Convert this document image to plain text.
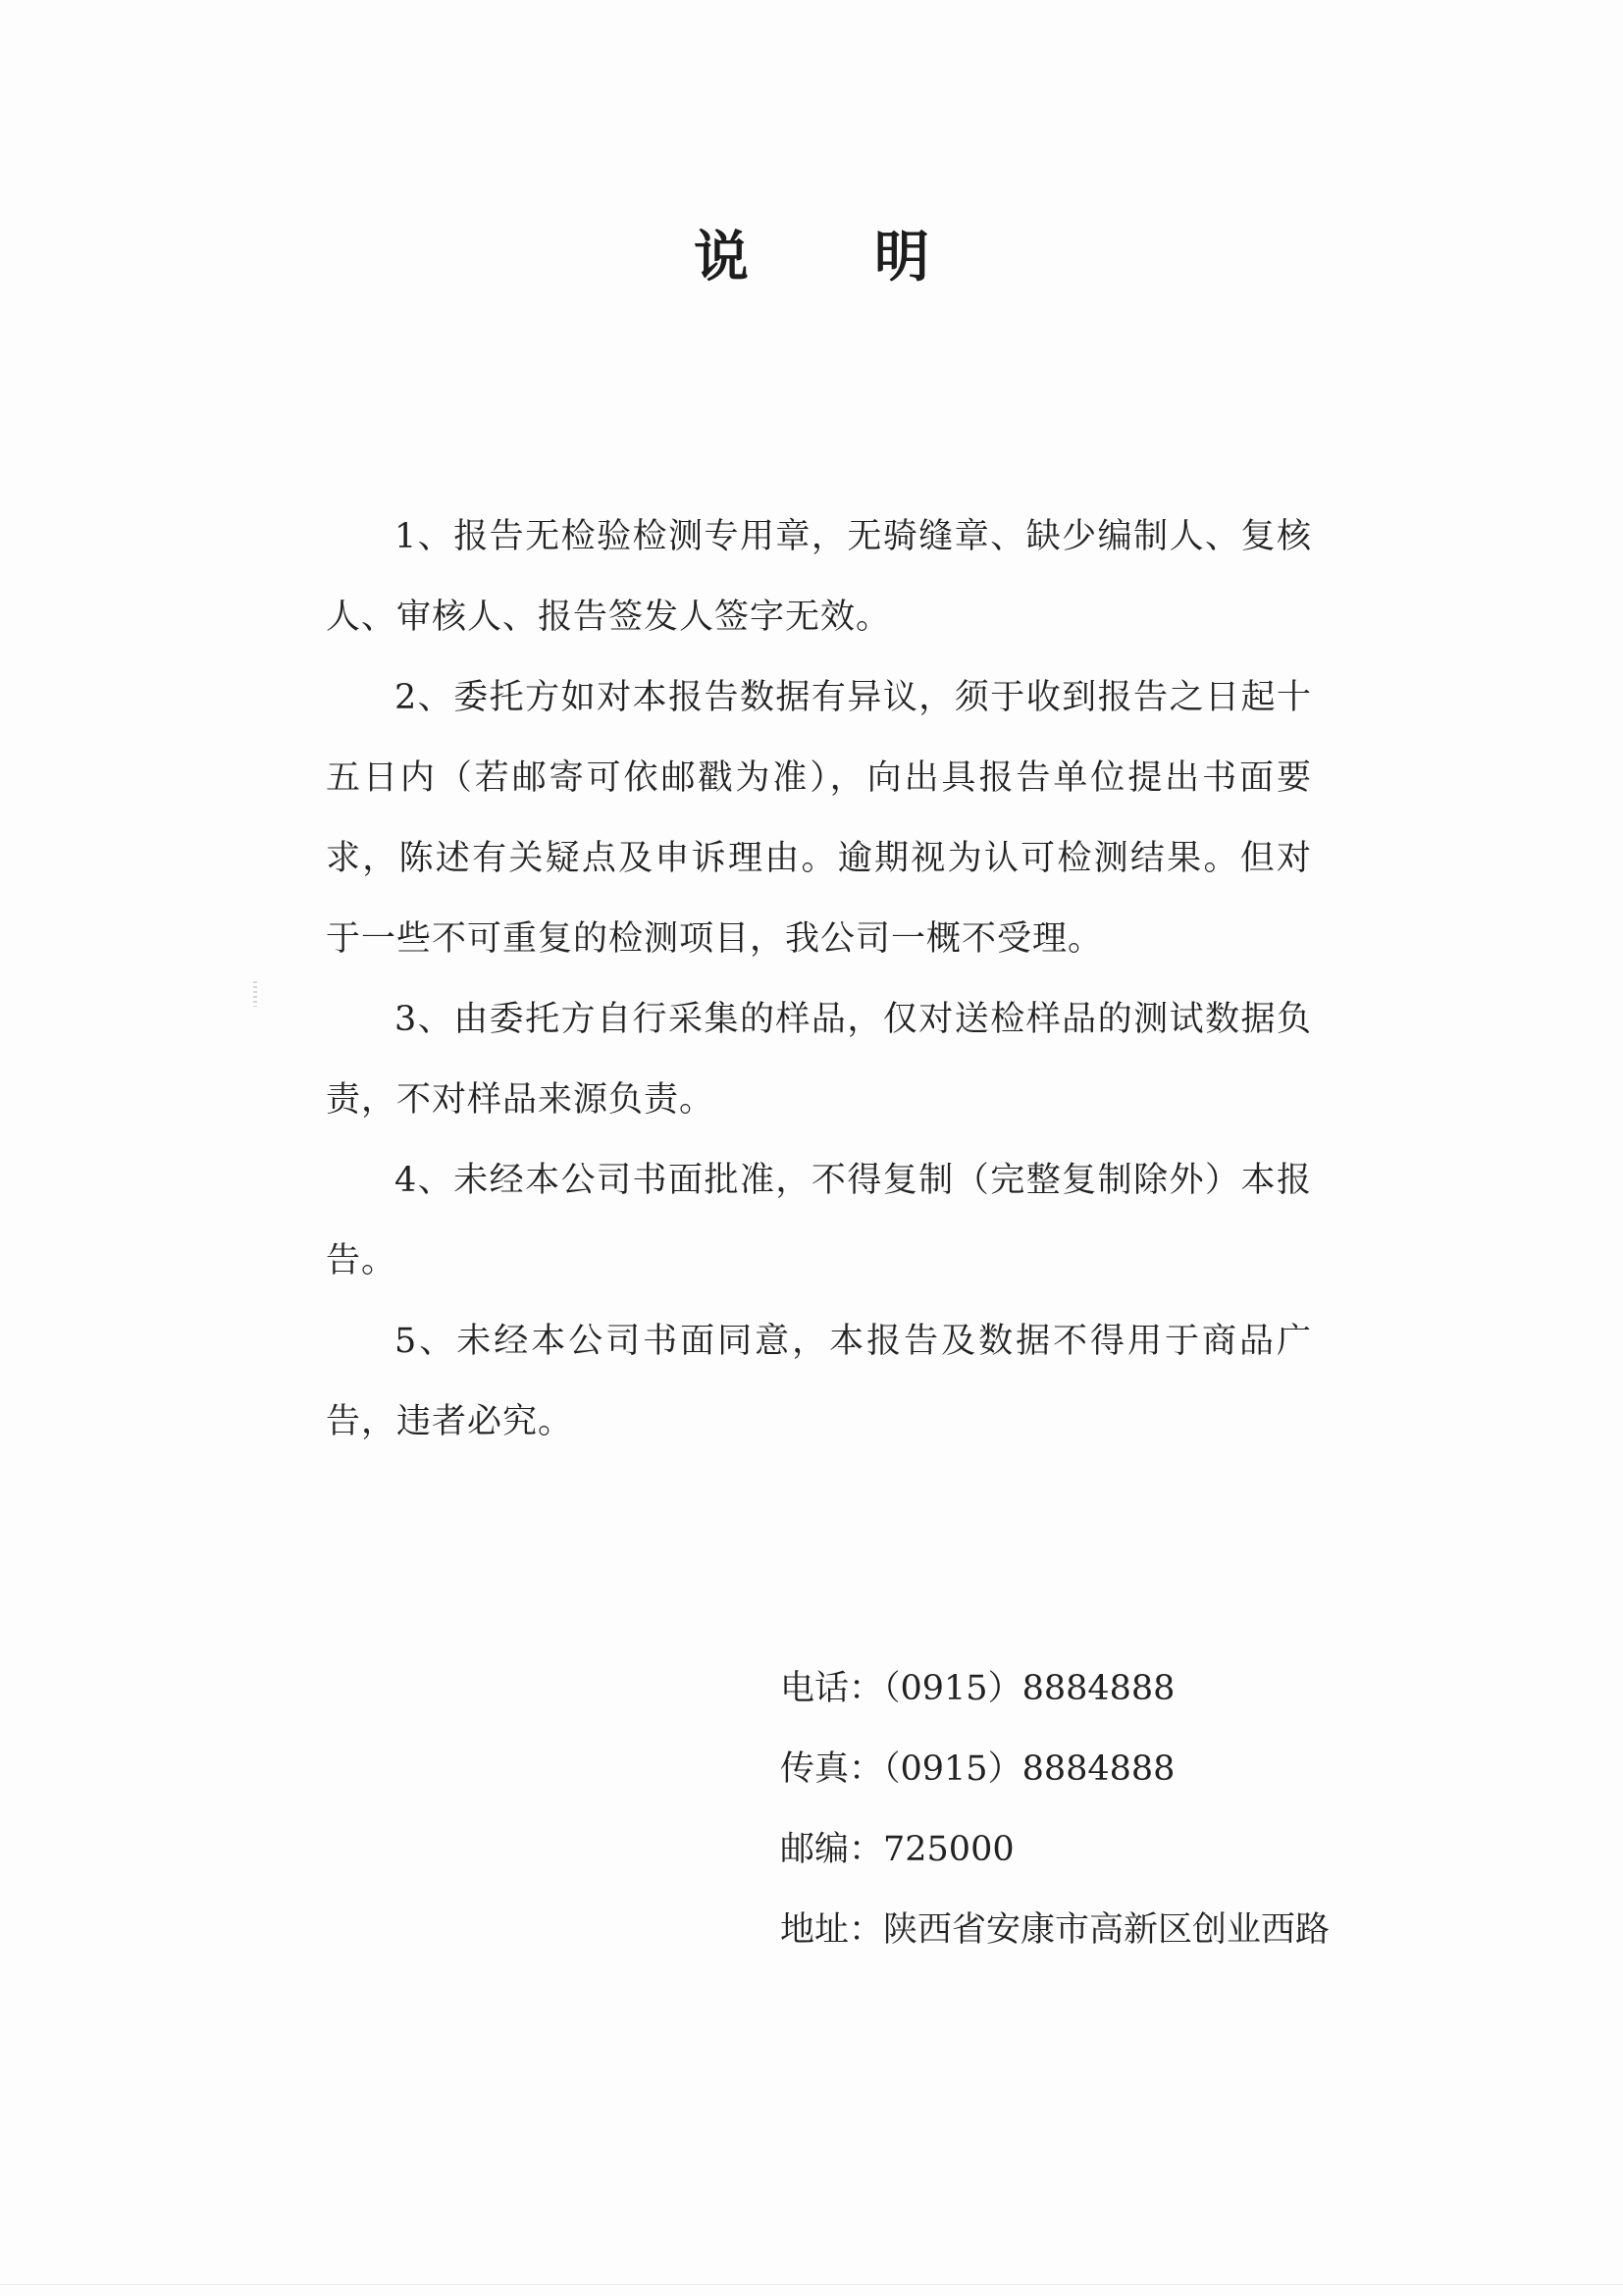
说明

1、报告无检验检测专用章，无骑缝章、缺少编制人、复核人、审核人、报告签发人签字无效。

2、委托方如对本报告数据有异议，须于收到报告之日起十五日内（若邮寄可依邮戳为准），向出具报告单位提出书面要求，陈述有关疑点及申诉理由。逾期视为认可检测结果。但对于一些不可重复的检测项目，我公司一概不受理。

3、由委托方自行采集的样品，仅对送检样品的测试数据负责，不对样品来源负责。

4、未经本公司书面批准，不得复制（完整复制除外）本报告。

5、未经本公司书面同意，本报告及数据不得用于商品广告，违者必究。

电话：（0915）8884888
传真：（0915）8884888
邮编：725000
地址：陕西省安康市高新区创业西路
